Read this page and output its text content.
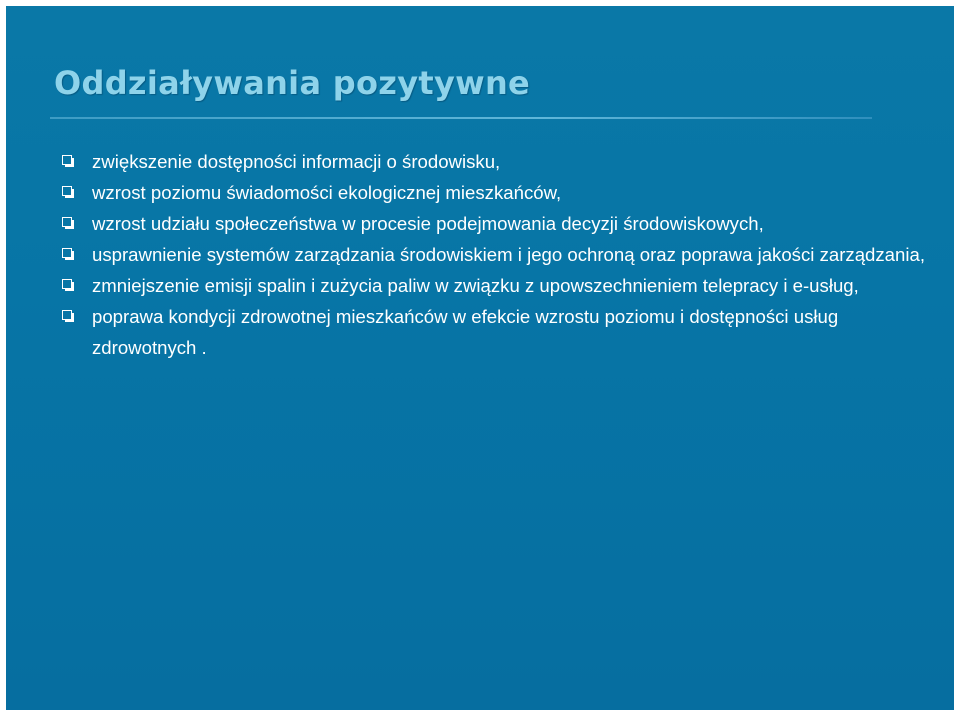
Oddziaływania pozytywne
zwiększenie dostępności informacji o środowisku,
wzrost poziomu świadomości ekologicznej mieszkańców,
wzrost udziału społeczeństwa w procesie podejmowania decyzji środowiskowych,
usprawnienie systemów zarządzania środowiskiem i jego ochroną oraz poprawa jakości zarządzania,
zmniejszenie emisji spalin i zużycia paliw w związku z upowszechnieniem telepracy i e-usług,
poprawa kondycji zdrowotnej mieszkańców w efekcie wzrostu poziomu i dostępności usług zdrowotnych .
